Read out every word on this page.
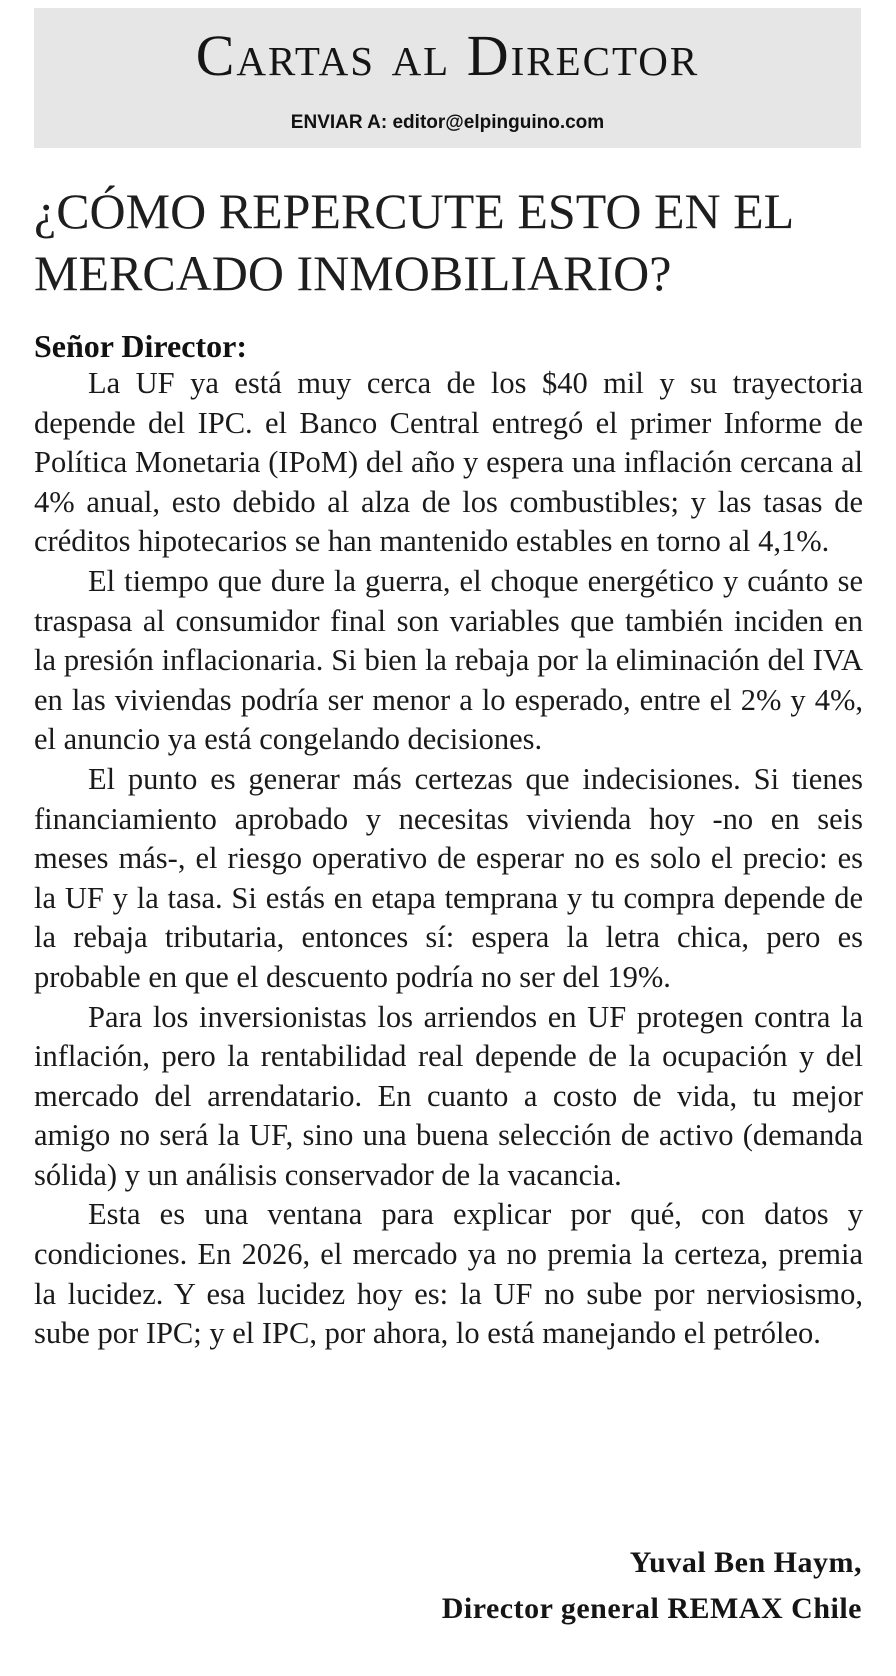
Cartas al Director
ENVIAR A: editor@elpinguino.com
¿CÓMO REPERCUTE ESTO EN EL MERCADO INMOBILIARIO?
Señor Director:

La UF ya está muy cerca de los $40 mil y su trayectoria depende del IPC. el Banco Central entregó el primer Informe de Política Monetaria (IPoM) del año y espera una inflación cercana al 4% anual, esto debido al alza de los combustibles; y las tasas de créditos hipotecarios se han mantenido estables en torno al 4,1%.

El tiempo que dure la guerra, el choque energético y cuánto se traspasa al consumidor final son variables que también inciden en la presión inflacionaria. Si bien la rebaja por la eliminación del IVA en las viviendas podría ser menor a lo esperado, entre el 2% y 4%, el anuncio ya está congelando decisiones.

El punto es generar más certezas que indecisiones. Si tienes financiamiento aprobado y necesitas vivienda hoy -no en seis meses más-, el riesgo operativo de esperar no es solo el precio: es la UF y la tasa. Si estás en etapa temprana y tu compra depende de la rebaja tributaria, entonces sí: espera la letra chica, pero es probable en que el descuento podría no ser del 19%.

Para los inversionistas los arriendos en UF protegen contra la inflación, pero la rentabilidad real depende de la ocupación y del mercado del arrendatario. En cuanto a costo de vida, tu mejor amigo no será la UF, sino una buena selección de activo (demanda sólida) y un análisis conservador de la vacancia.

Esta es una ventana para explicar por qué, con datos y condiciones. En 2026, el mercado ya no premia la certeza, premia la lucidez. Y esa lucidez hoy es: la UF no sube por nerviosismo, sube por IPC; y el IPC, por ahora, lo está manejando el petróleo.

Yuval Ben Haym,
Director general REMAX Chile
